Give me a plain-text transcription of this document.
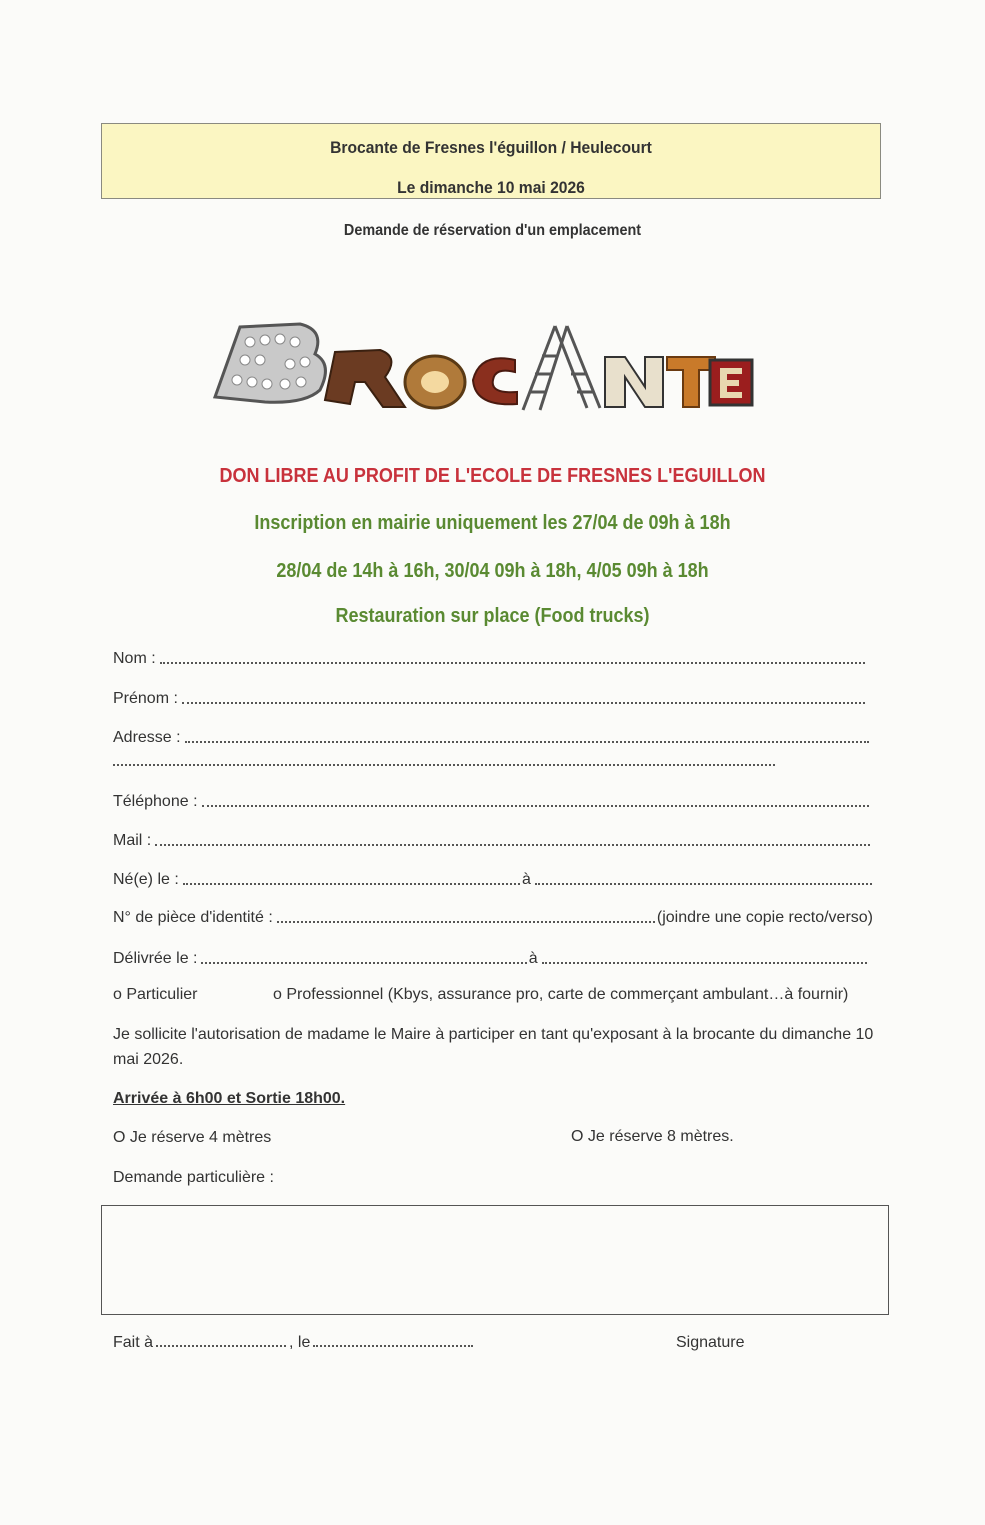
Brocante de Fresnes l'éguillon / Heulecourt
Le dimanche 10 mai 2026
Demande de réservation d'un emplacement
BROCANTE
DON LIBRE AU PROFIT DE L'ECOLE DE FRESNES L'EGUILLON
Inscription en mairie uniquement les 27/04 de 09h à 18h
28/04 de 14h à 16h, 30/04 09h à 18h, 4/05 09h à 18h
Restauration sur place (Food trucks)
Nom :
Prénom :
Adresse :
Téléphone :
Mail :
Né(e) le :	à
N° de pièce d'identité :	(joindre une copie recto/verso)
Délivrée le :	à
o Particulier	o Professionnel (Kbys, assurance pro, carte de commerçant ambulant…à fournir)
Je sollicite l'autorisation de madame le Maire à participer en tant qu'exposant à la brocante du dimanche 10 mai 2026.
Arrivée à 6h00 et Sortie 18h00.
O Je réserve 4 mètres	O Je réserve 8 mètres.
Demande particulière :
Fait à	, le	Signature
